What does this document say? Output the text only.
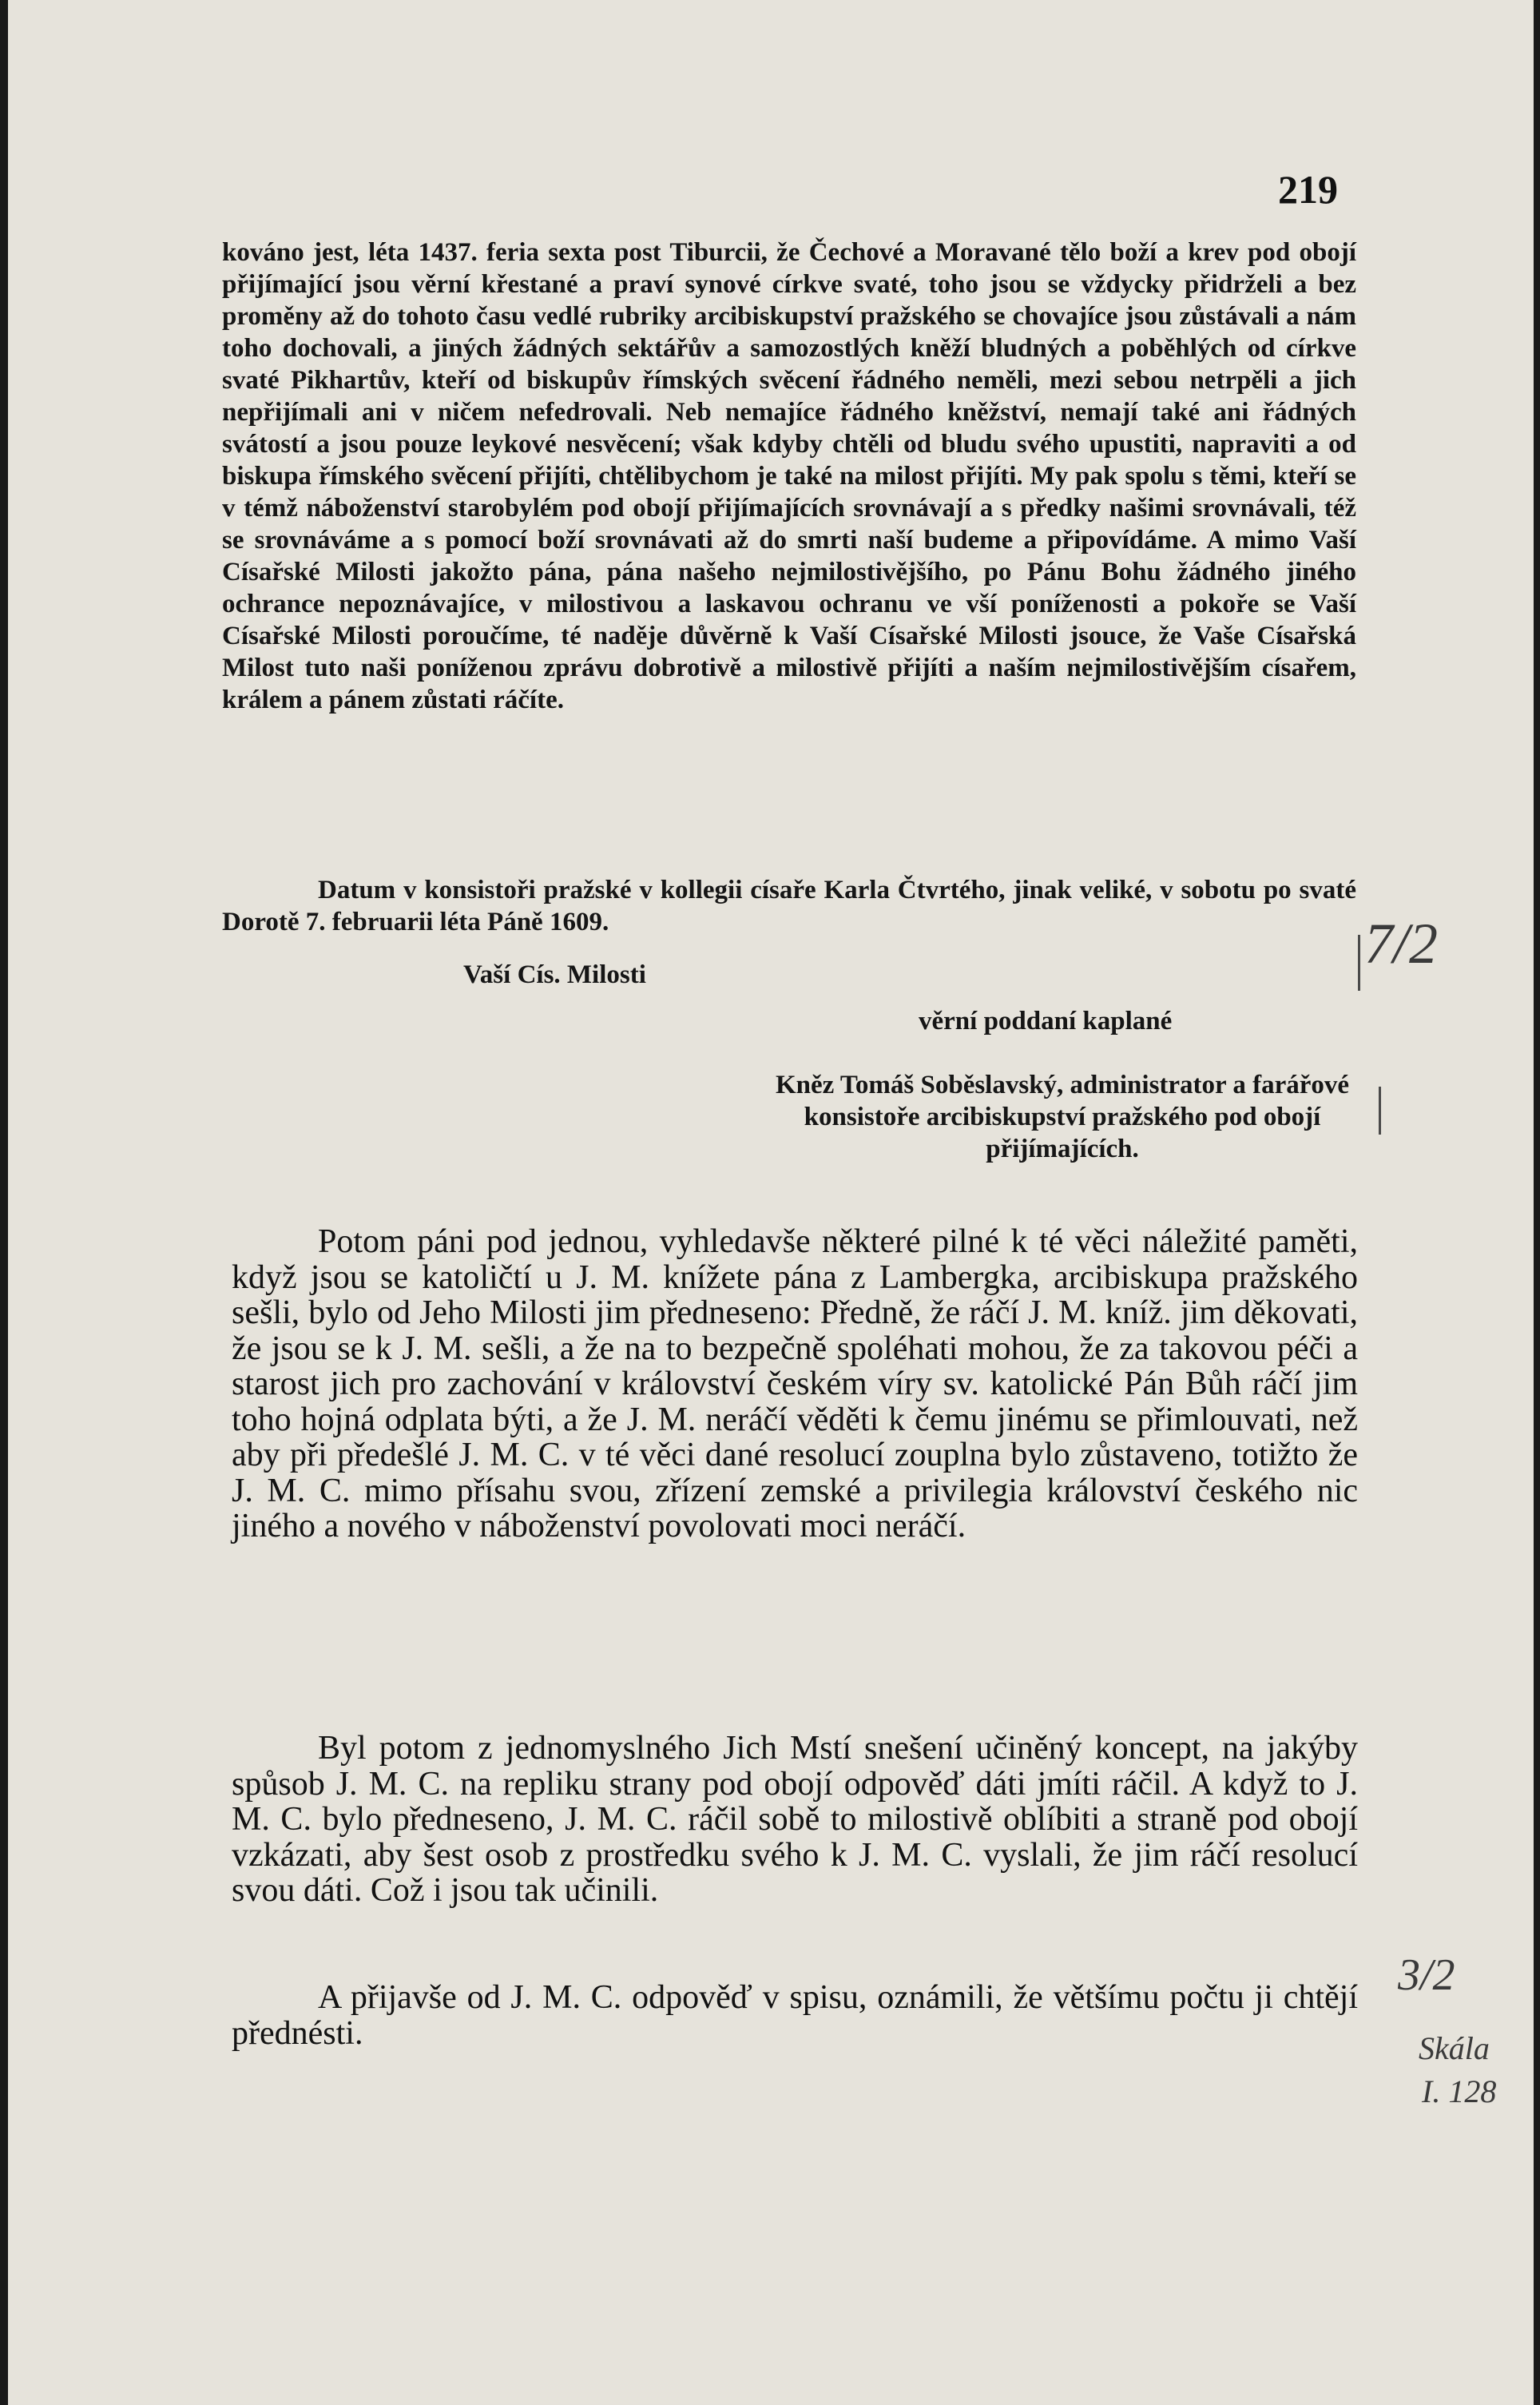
219

kováno jest, léta 1437. feria sexta post Tiburcii, že Čechové a Moravané tělo boží a krev pod obojí přijímající jsou věrní křestané a praví synové církve svaté, toho jsou se vždycky přidrželi a bez proměny až do tohoto času vedlé rubriky arcibiskupství pražského se chovajíce jsou zůstávali a nám toho dochovali, a jiných žádných sektářův a samozostlých kněží bludných a poběhlých od církve svaté Pikhartův, kteří od biskupův římských svěcení řádného neměli, mezi sebou netrpěli a jich nepřijímali ani v ničem nefedrovali. Neb nemajíce řádného kněžství, nemají také ani řádných svátostí a jsou pouze leykové nesvěcení; však kdyby chtěli od bludu svého upustiti, napraviti a od biskupa římského svěcení přijíti, chtělibychom je také na milost přijíti. My pak spolu s těmi, kteří se v témž náboženství starobylém pod obojí přijímajících srovnávají a s předky našimi srovnávali, též se srovnáváme a s pomocí boží srovnávati až do smrti naší budeme a připovídáme. A mimo Vaší Císařské Milosti jakožto pána, pána našeho nejmilostivějšího, po Pánu Bohu žádného jiného ochrance nepoznávajíce, v milostivou a laskavou ochranu ve vší poníženosti a pokoře se Vaší Císařské Milosti poroučíme, té naděje důvěrně k Vaší Císařské Milosti jsouce, že Vaše Císařská Milost tuto naši poníženou zprávu dobrotivě a milostivě přijíti a naším nejmilostivějším císařem, králem a pánem zůstati ráčíte.

Datum v konsistoři pražské v kollegii císaře Karla Čtvrtého, jinak veliké, v sobotu po svaté Dorotě 7. februarii léta Páně 1609.

Vaší Cís. Milosti

věrní poddaní kaplané

Kněz Tomáš Soběslavský, administrator a farářové konsistoře arcibiskupství pražského pod obojí přijímajících.

Potom páni pod jednou, vyhledavše některé pilné k té věci náležité paměti, když jsou se katoličtí u J. M. knížete pána z Lambergka, arcibiskupa pražského sešli, bylo od Jeho Milosti jim předneseno: Předně, že ráčí J. M. kníž. jim děkovati, že jsou se k J. M. sešli, a že na to bezpečně spoléhati mohou, že za takovou péči a starost jich pro zachování v království českém víry sv. katolické Pán Bůh ráčí jim toho hojná odplata býti, a že J. M. neráčí věděti k čemu jinému se přimlouvati, než aby při předešlé J. M. C. v té věci dané resolucí zouplna bylo zůstaveno, totižto že J. M. C. mimo přísahu svou, zřízení zemské a privilegia království českého nic jiného a nového v náboženství povolovati moci neráčí.

Byl potom z jednomyslného Jich Mstí snešení učiněný koncept, na jakýby spůsob J. M. C. na repliku strany pod obojí odpověď dáti jmíti ráčil. A když to J. M. C. bylo předneseno, J. M. C. ráčil sobě to milostivě oblíbiti a straně pod obojí vzkázati, aby šest osob z prostředku svého k J. M. C. vyslali, že jim ráčí resolucí svou dáti. Což i jsou tak učinili.

A přijavše od J. M. C. odpověď v spisu, oznámili, že většímu počtu ji chtějí přednésti.

7/2
3/2
Skála
I. 128
